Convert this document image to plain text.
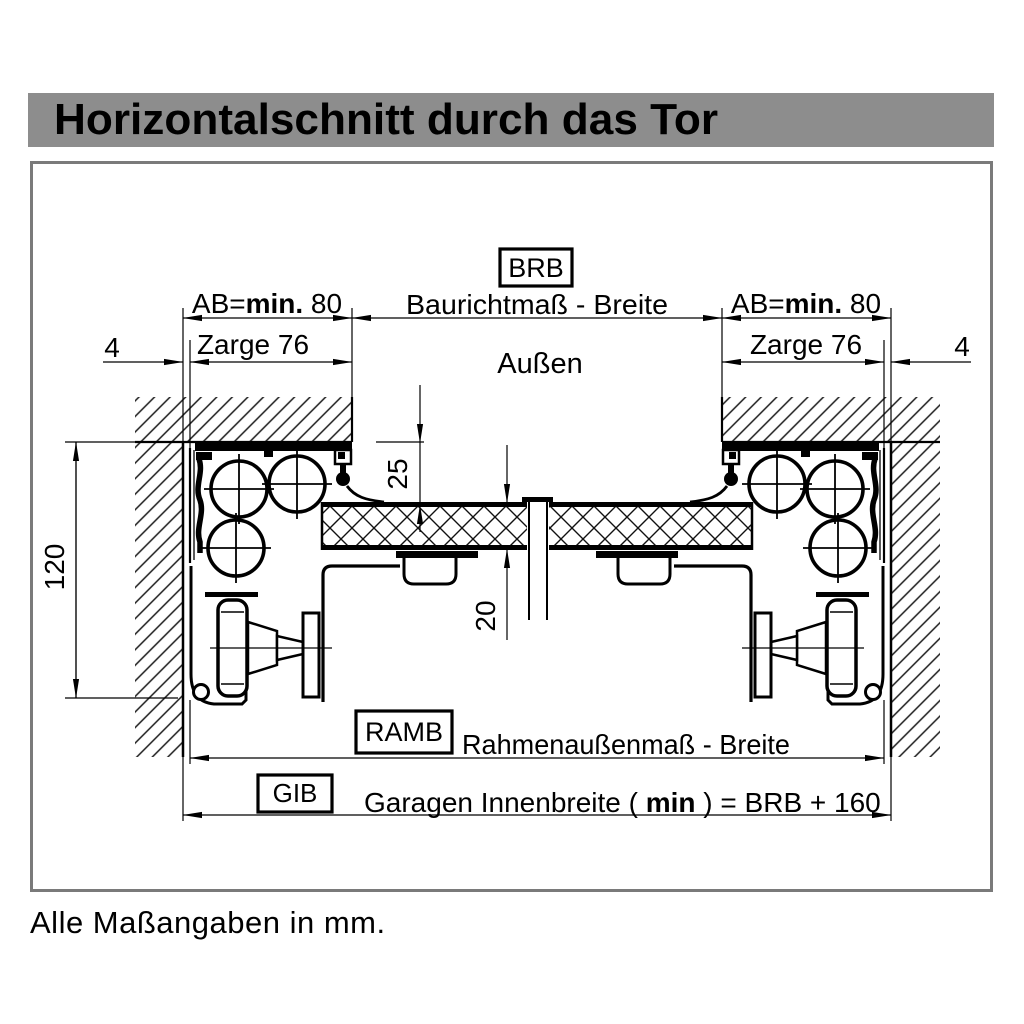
Horizontalschnitt durch das Tor
BRB
Baurichtmaß - Breite
Außen
AB=min. 80	AB=min. 80
Zarge 76	Zarge 76
4	4
25
20
120
RAMB Rahmenaußenmaß - Breite
GIB Garagen Innenbreite ( min ) = BRB + 160
Alle Maßangaben in mm.
